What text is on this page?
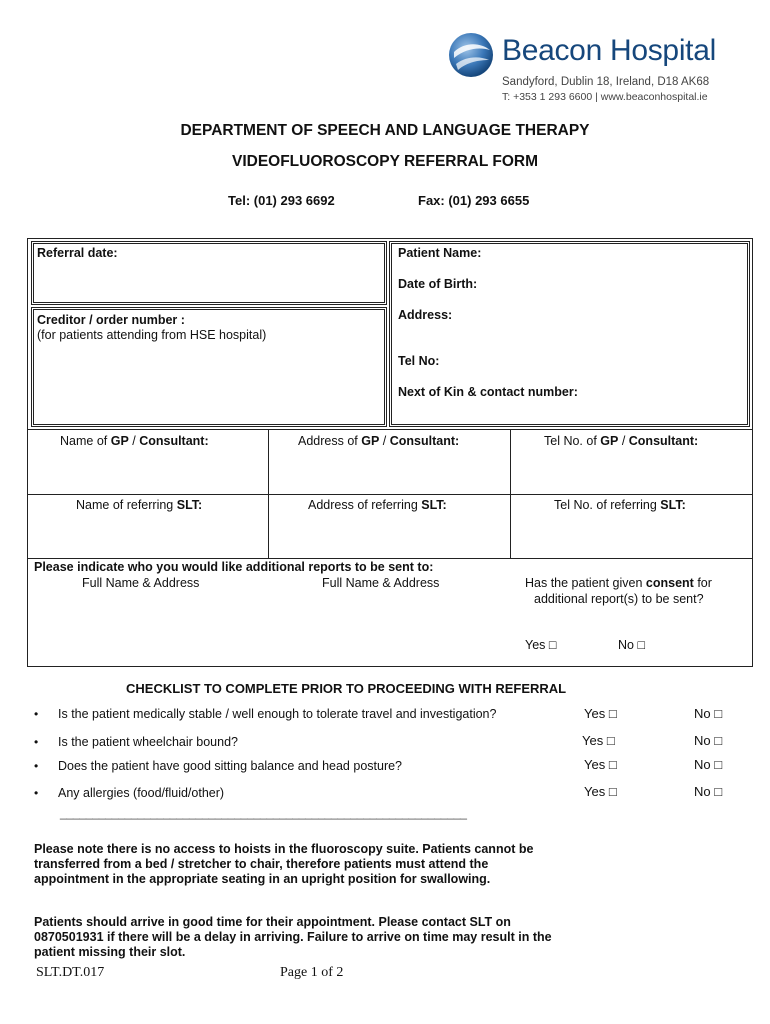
Beacon Hospital
Sandyford, Dublin 18, Ireland, D18 AK68
T: +353 1 293 6600 | www.beaconhospital.ie
DEPARTMENT OF SPEECH AND LANGUAGE THERAPY
VIDEOFLUOROSCOPY REFERRAL FORM
Tel: (01) 293 6692	Fax: (01) 293 6655
Referral date:
Creditor / order number :
(for patients attending from HSE hospital)
Patient Name:
Date of Birth:
Address:
Tel No:
Next of Kin & contact number:
Name of GP / Consultant:	Address of GP / Consultant:	Tel No. of GP / Consultant:
Name of referring SLT:	Address of referring SLT:	Tel No. of referring SLT:
Please indicate who you would like additional reports to be sent to:
Full Name & Address	Full Name & Address	Has the patient given consent for
additional report(s) to be sent?
Yes □	No □
CHECKLIST TO COMPLETE PRIOR TO PROCEEDING WITH REFERRAL
• Is the patient medically stable / well enough to tolerate travel and investigation?	Yes □	No □
• Is the patient wheelchair bound?	Yes □	No □
• Does the patient have good sitting balance and head posture?	Yes □	No □
• Any allergies (food/fluid/other)	Yes □	No □
_______________________________________________________________
Please note there is no access to hoists in the fluoroscopy suite. Patients cannot be transferred from a bed / stretcher to chair, therefore patients must attend the appointment in the appropriate seating in an upright position for swallowing.
Patients should arrive in good time for their appointment. Please contact SLT on 0870501931 if there will be a delay in arriving. Failure to arrive on time may result in the patient missing their slot.
SLT.DT.017	Page 1 of 2
